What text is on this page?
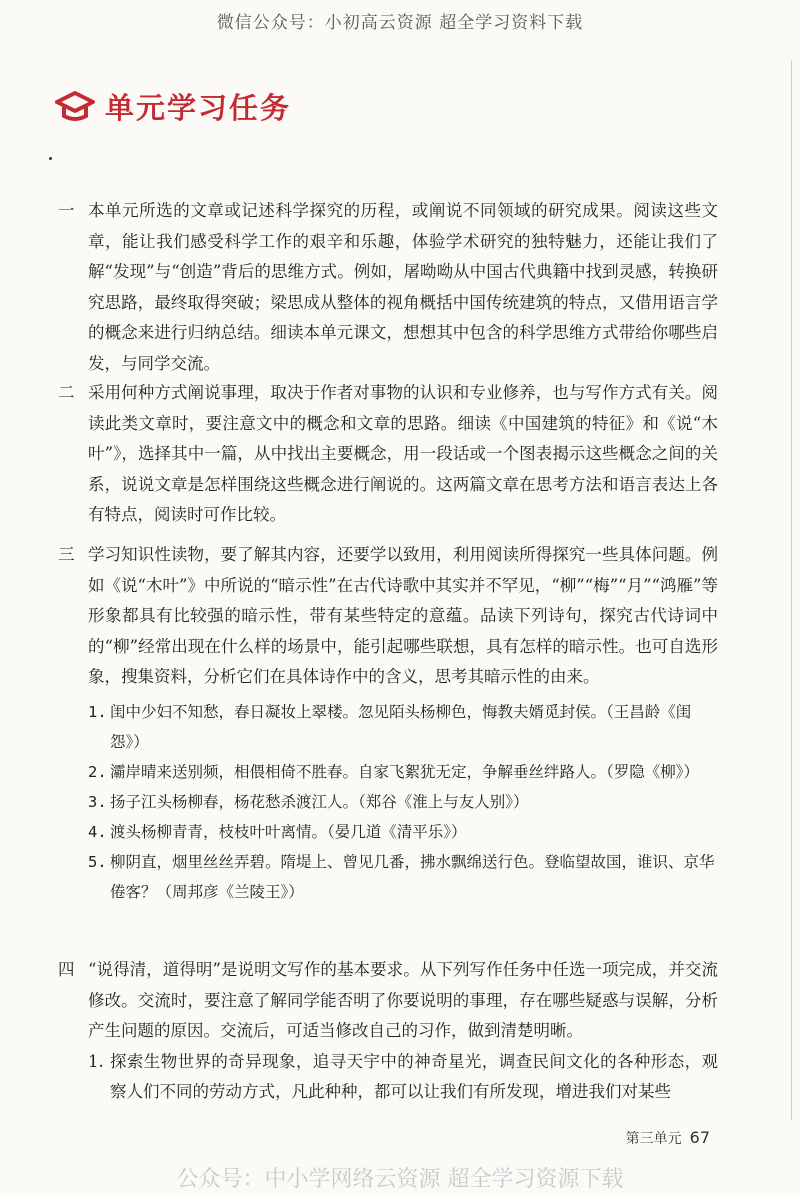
微信公众号：小初高云资源 超全学习资料下载
单元学习任务
一 本单元所选的文章或记述科学探究的历程，或阐说不同领域的研究成果。阅读这些文章，能让我们感受科学工作的艰辛和乐趣，体验学术研究的独特魅力，还能让我们了解“发现”与“创造”背后的思维方式。例如，屠呦呦从中国古代典籍中找到灵感，转换研究思路，最终取得突破；梁思成从整体的视角概括中国传统建筑的特点，又借用语言学的概念来进行归纳总结。细读本单元课文，想想其中包含的科学思维方式带给你哪些启发，与同学交流。
二 采用何种方式阐说事理，取决于作者对事物的认识和专业修养，也与写作方式有关。阅读此类文章时，要注意文中的概念和文章的思路。细读《中国建筑的特征》和《说“木叶”》，选择其中一篇，从中找出主要概念，用一段话或一个图表揭示这些概念之间的关系，说说文章是怎样围绕这些概念进行阐说的。这两篇文章在思考方法和语言表达上各有特点，阅读时可作比较。
三 学习知识性读物，要了解其内容，还要学以致用，利用阅读所得探究一些具体问题。例如《说“木叶”》中所说的“暗示性”在古代诗歌中其实并不罕见，“柳”“梅”“月”“鸿雁”等形象都具有比较强的暗示性，带有某些特定的意蕴。品读下列诗句，探究古代诗词中的“柳”经常出现在什么样的场景中，能引起哪些联想，具有怎样的暗示性。也可自选形象，搜集资料，分析它们在具体诗作中的含义，思考其暗示性的由来。
1. 闺中少妇不知愁，春日凝妆上翠楼。忽见陌头杨柳色，悔教夫婿觅封侯。（王昌龄《闺怨》）
2. 灞岸晴来送别频，相偎相倚不胜春。自家飞絮犹无定，争解垂丝绊路人。（罗隐《柳》）
3. 扬子江头杨柳春，杨花愁杀渡江人。（郑谷《淮上与友人别》）
4. 渡头杨柳青青，枝枝叶叶离情。（晏几道《清平乐》）
5. 柳阴直，烟里丝丝弄碧。隋堤上、曾见几番，拂水飘绵送行色。登临望故国，谁识、京华倦客？（周邦彦《兰陵王》）
四 “说得清，道得明”是说明文写作的基本要求。从下列写作任务中任选一项完成，并交流修改。交流时，要注意了解同学能否明了你要说明的事理，存在哪些疑惑与误解，分析产生问题的原因。交流后，可适当修改自己的习作，做到清楚明晰。
1. 探索生物世界的奇异现象，追寻天宇中的神奇星光，调查民间文化的各种形态，观察人们不同的劳动方式，凡此种种，都可以让我们有所发现，增进我们对某些
第三单元 67
公众号：中小学网络云资源 超全学习资源下载
